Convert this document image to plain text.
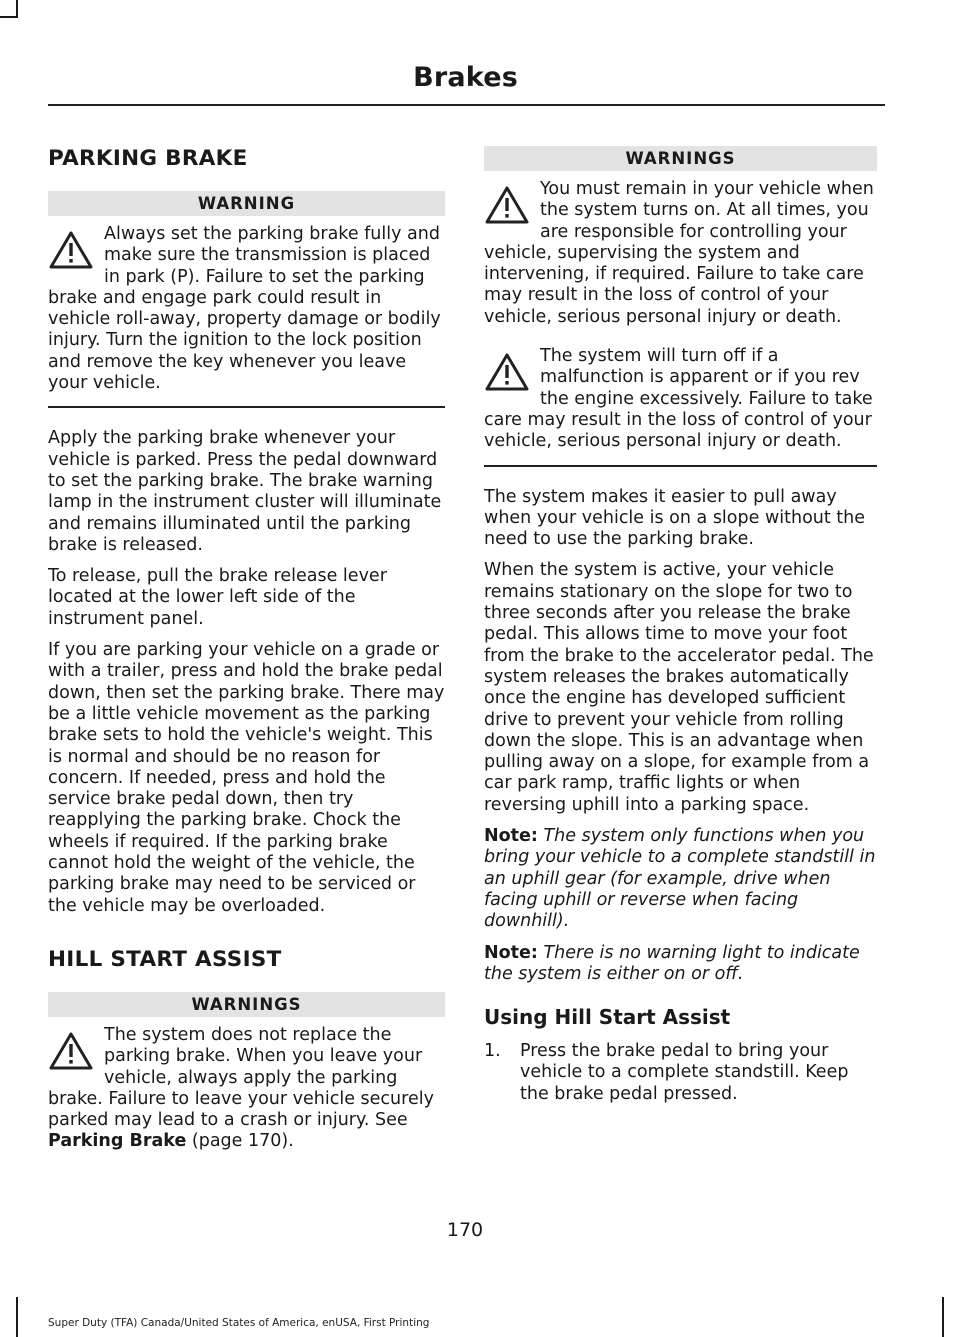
Brakes
PARKING BRAKE
WARNING
Always set the parking brake fully and make sure the transmission is placed in park (P). Failure to set the parking brake and engage park could result in vehicle roll-away, property damage or bodily injury. Turn the ignition to the lock position and remove the key whenever you leave your vehicle.

Apply the parking brake whenever your vehicle is parked. Press the pedal downward to set the parking brake. The brake warning lamp in the instrument cluster will illuminate and remains illuminated until the parking brake is released.

To release, pull the brake release lever located at the lower left side of the instrument panel.

If you are parking your vehicle on a grade or with a trailer, press and hold the brake pedal down, then set the parking brake. There may be a little vehicle movement as the parking brake sets to hold the vehicle's weight. This is normal and should be no reason for concern. If needed, press and hold the service brake pedal down, then try reapplying the parking brake. Chock the wheels if required. If the parking brake cannot hold the weight of the vehicle, the parking brake may need to be serviced or the vehicle may be overloaded.

HILL START ASSIST
WARNINGS
The system does not replace the parking brake. When you leave your vehicle, always apply the parking brake. Failure to leave your vehicle securely parked may lead to a crash or injury. See
Parking Brake (page 170).
WARNINGS
You must remain in your vehicle when the system turns on. At all times, you are responsible for controlling your vehicle, supervising the system and intervening, if required. Failure to take care may result in the loss of control of your vehicle, serious personal injury or death.
The system will turn off if a malfunction is apparent or if you rev the engine excessively. Failure to take care may result in the loss of control of your vehicle, serious personal injury or death.

The system makes it easier to pull away when your vehicle is on a slope without the need to use the parking brake.

When the system is active, your vehicle remains stationary on the slope for two to three seconds after you release the brake pedal. This allows time to move your foot from the brake to the accelerator pedal. The system releases the brakes automatically once the engine has developed sufficient drive to prevent your vehicle from rolling down the slope. This is an advantage when pulling away on a slope, for example from a car park ramp, traffic lights or when reversing uphill into a parking space.

Note: The system only functions when you bring your vehicle to a complete standstill in an uphill gear (for example, drive when facing uphill or reverse when facing downhill).

Note: There is no warning light to indicate the system is either on or off.

Using Hill Start Assist
1. Press the brake pedal to bring your vehicle to a complete standstill. Keep the brake pedal pressed.
170
Super Duty (TFA) Canada/United States of America, enUSA, First Printing
